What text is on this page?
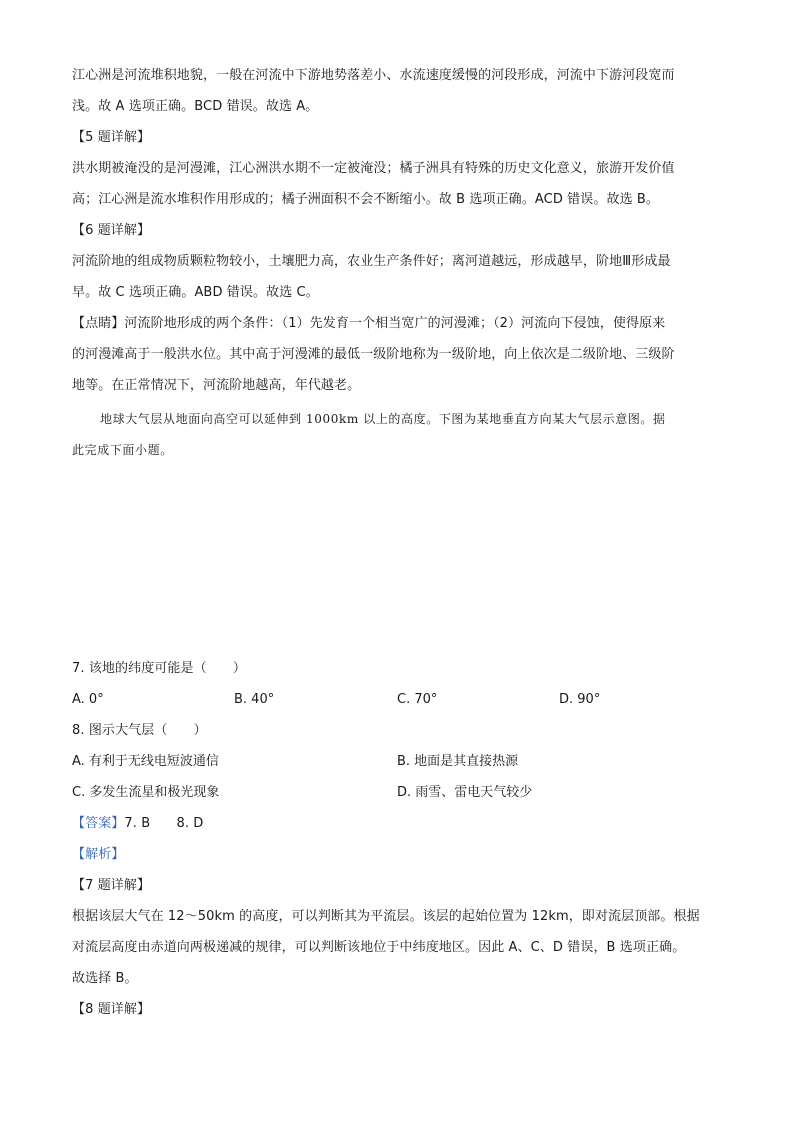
江心洲是河流堆积地貌，一般在河流中下游地势落差小、水流速度缓慢的河段形成，河流中下游河段宽而
浅。故 A 选项正确。BCD 错误。故选 A。
【5 题详解】
洪水期被淹没的是河漫滩，江心洲洪水期不一定被淹没；橘子洲具有特殊的历史文化意义，旅游开发价值
高；江心洲是流水堆积作用形成的；橘子洲面积不会不断缩小。故 B 选项正确。ACD 错误。故选 B。
【6 题详解】
河流阶地的组成物质颗粒物较小，土壤肥力高，农业生产条件好；离河道越远，形成越早，阶地Ⅲ形成最
早。故 C 选项正确。ABD 错误。故选 C。
【点睛】河流阶地形成的两个条件：（1）先发育一个相当宽广的河漫滩；（2）河流向下侵蚀，使得原来
的河漫滩高于一般洪水位。其中高于河漫滩的最低一级阶地称为一级阶地，向上依次是二级阶地、三级阶
地等。在正常情况下，河流阶地越高，年代越老。
地球大气层从地面向高空可以延伸到 1000km 以上的高度。下图为某地垂直方向某大气层示意图。据
此完成下面小题。
7. 该地的纬度可能是（　　）
A. 0°	B. 40°	C. 70°	D. 90°
8. 图示大气层（　　）
A. 有利于无线电短波通信	B. 地面是其直接热源
C. 多发生流星和极光现象	D. 雨雪、雷电天气较少
【答案】7. B　　8. D
【解析】
【7 题详解】
根据该层大气在 12～50km 的高度，可以判断其为平流层。该层的起始位置为 12km，即对流层顶部。根据
对流层高度由赤道向两极递减的规律，可以判断该地位于中纬度地区。因此 A、C、D 错误，B 选项正确。
故选择 B。
【8 题详解】
